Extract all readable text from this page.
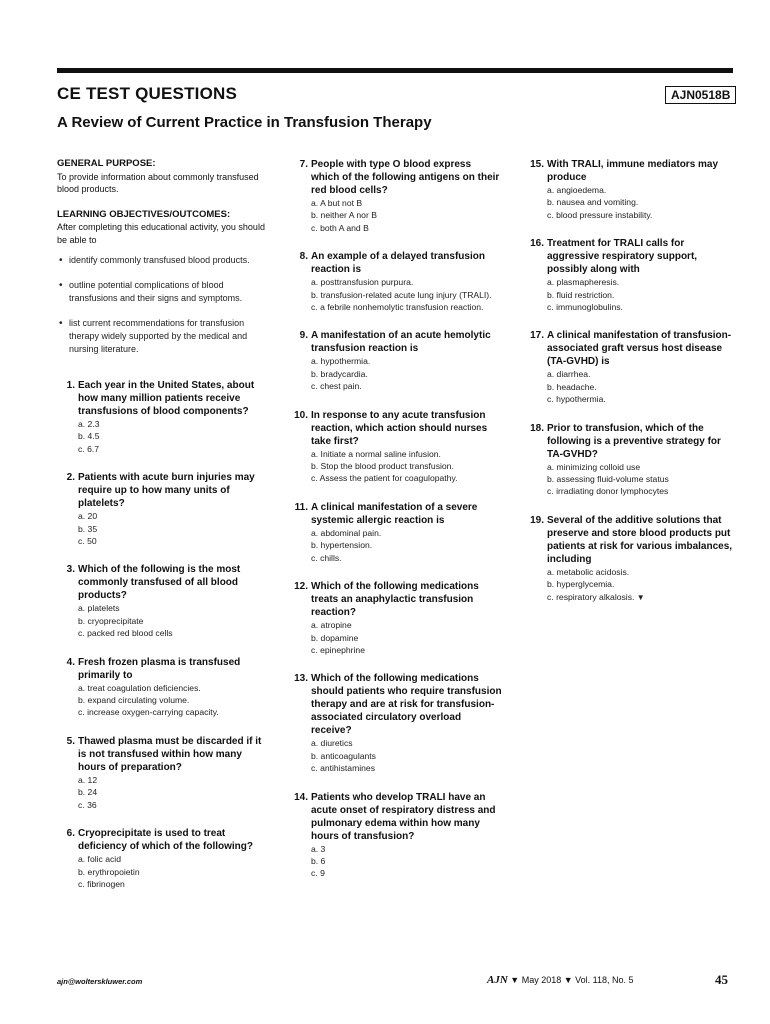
CE TEST QUESTIONS	AJN0518B
A Review of Current Practice in Transfusion Therapy
GENERAL PURPOSE:
To provide information about commonly transfused blood products.
LEARNING OBJECTIVES/OUTCOMES:
After completing this educational activity, you should be able to
• identify commonly transfused blood products.
• outline potential complications of blood transfusions and their signs and symptoms.
• list current recommendations for transfusion therapy widely supported by the medical and nursing literature.
1. Each year in the United States, about how many million patients receive transfusions of blood components?
a. 2.3
b. 4.5
c. 6.7
2. Patients with acute burn injuries may require up to how many units of platelets?
a. 20
b. 35
c. 50
3. Which of the following is the most commonly transfused of all blood products?
a. platelets
b. cryoprecipitate
c. packed red blood cells
4. Fresh frozen plasma is transfused primarily to
a. treat coagulation deficiencies.
b. expand circulating volume.
c. increase oxygen-carrying capacity.
5. Thawed plasma must be discarded if it is not transfused within how many hours of preparation?
a. 12
b. 24
c. 36
6. Cryoprecipitate is used to treat deficiency of which of the following?
a. folic acid
b. erythropoietin
c. fibrinogen
7. People with type O blood express which of the following antigens on their red blood cells?
a. A but not B
b. neither A nor B
c. both A and B
8. An example of a delayed transfusion reaction is
a. posttransfusion purpura.
b. transfusion-related acute lung injury (TRALI).
c. a febrile nonhemolytic transfusion reaction.
9. A manifestation of an acute hemolytic transfusion reaction is
a. hypothermia.
b. bradycardia.
c. chest pain.
10. In response to any acute transfusion reaction, which action should nurses take first?
a. Initiate a normal saline infusion.
b. Stop the blood product transfusion.
c. Assess the patient for coagulopathy.
11. A clinical manifestation of a severe systemic allergic reaction is
a. abdominal pain.
b. hypertension.
c. chills.
12. Which of the following medications treats an anaphylactic transfusion reaction?
a. atropine
b. dopamine
c. epinephrine
13. Which of the following medications should patients who require transfusion therapy and are at risk for transfusion-associated circulatory overload receive?
a. diuretics
b. anticoagulants
c. antihistamines
14. Patients who develop TRALI have an acute onset of respiratory distress and pulmonary edema within how many hours of transfusion?
a. 3
b. 6
c. 9
15. With TRALI, immune mediators may produce
a. angioedema.
b. nausea and vomiting.
c. blood pressure instability.
16. Treatment for TRALI calls for aggressive respiratory support, possibly along with
a. plasmapheresis.
b. fluid restriction.
c. immunoglobulins.
17. A clinical manifestation of transfusion-associated graft versus host disease (TA-GVHD) is
a. diarrhea.
b. headache.
c. hypothermia.
18. Prior to transfusion, which of the following is a preventive strategy for TA-GVHD?
a. minimizing colloid use
b. assessing fluid-volume status
c. irradiating donor lymphocytes
19. Several of the additive solutions that preserve and store blood products put patients at risk for various imbalances, including
a. metabolic acidosis.
b. hyperglycemia.
c. respiratory alkalosis. ▼
ajn@wolterskluwer.com	AJN ▼ May 2018 ▼ Vol. 118, No. 5	45
